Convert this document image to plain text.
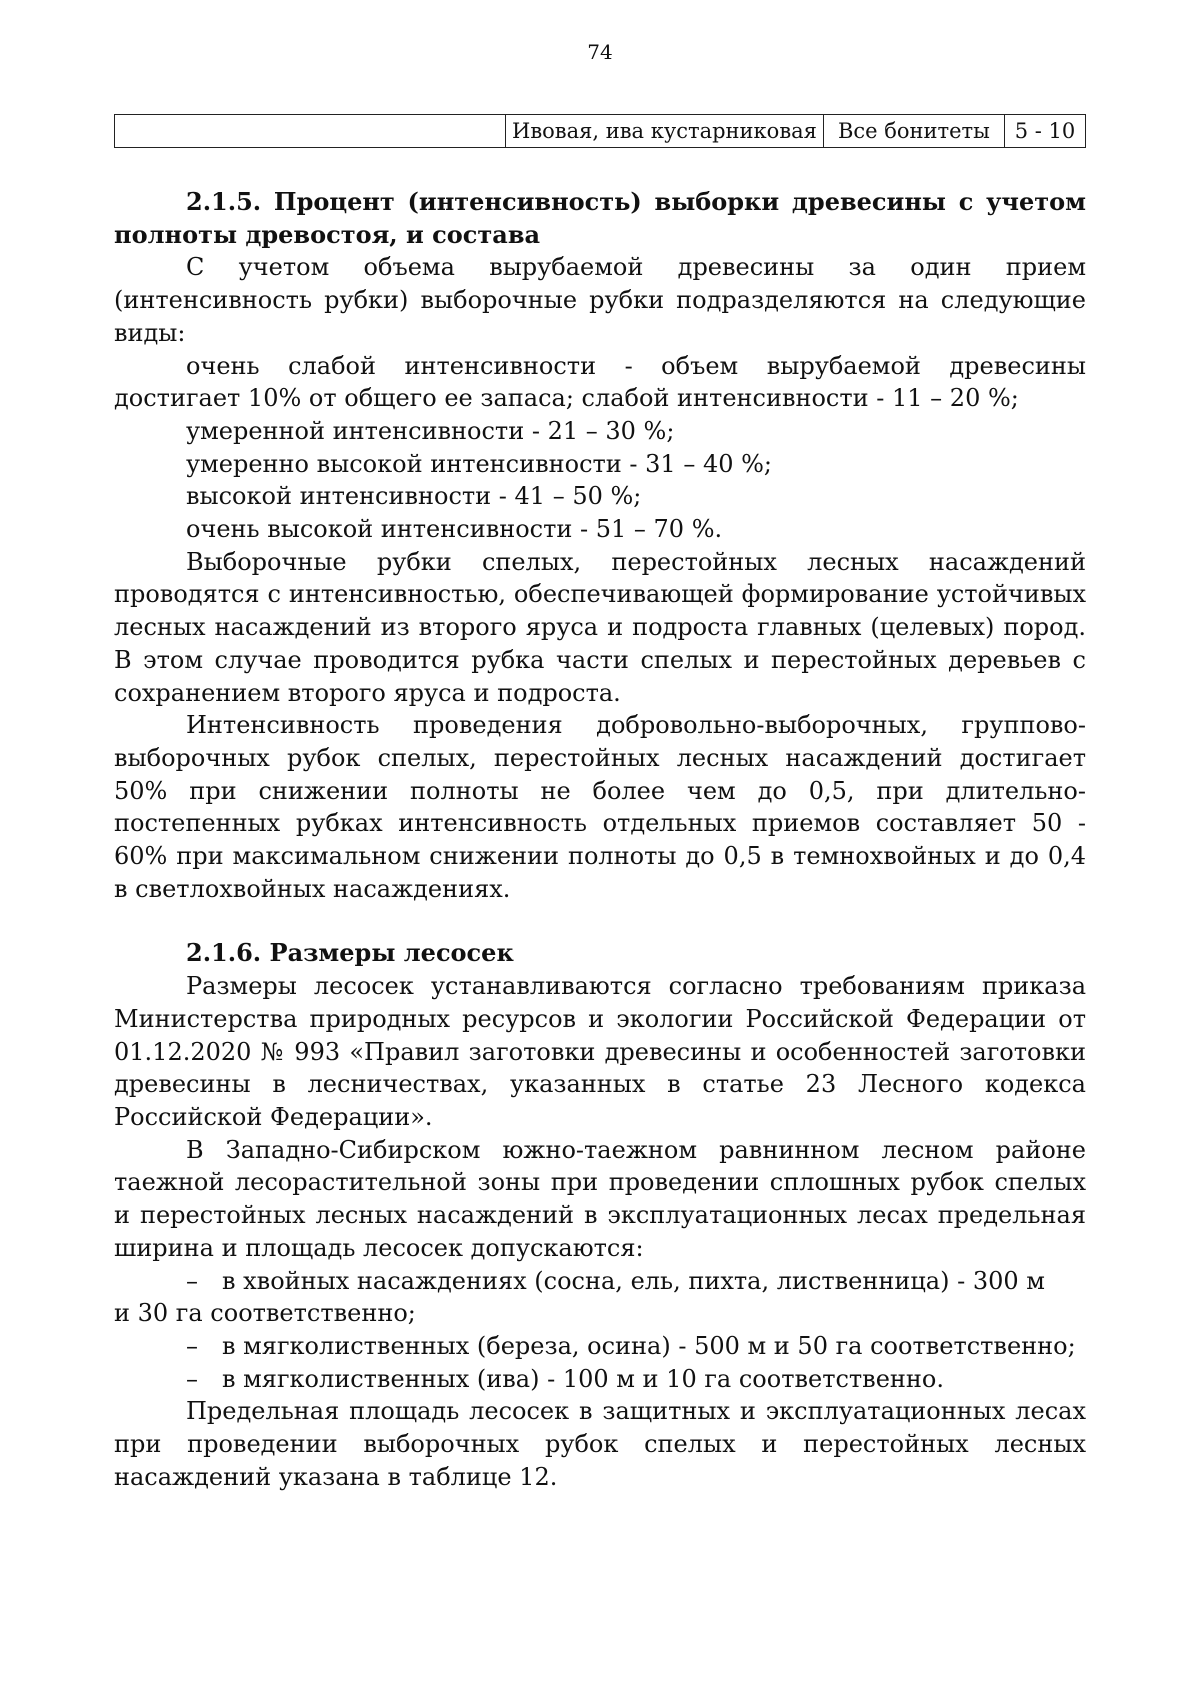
74
	Ивовая, ива кустарниковая	Все бонитеты	5 - 10

2.1.5. Процент (интенсивность) выборки древесины с учетом полноты древостоя, и состава

С учетом объема вырубаемой древесины за один прием (интенсивность рубки) выборочные рубки подразделяются на следующие виды:

очень слабой интенсивности - объем вырубаемой древесины достигает 10% от общего ее запаса; слабой интенсивности - 11 – 20 %;

умеренной интенсивности - 21 – 30 %;

умеренно высокой интенсивности - 31 – 40 %;

высокой интенсивности - 41 – 50 %;

очень высокой интенсивности - 51 – 70 %.

Выборочные рубки спелых, перестойных лесных насаждений проводятся с интенсивностью, обеспечивающей формирование устойчивых лесных насаждений из второго яруса и подроста главных (целевых) пород. В этом случае проводится рубка части спелых и перестойных деревьев с сохранением второго яруса и подроста.

Интенсивность проведения добровольно-выборочных, группово-выборочных рубок спелых, перестойных лесных насаждений достигает 50% при снижении полноты не более чем до 0,5, при длительно-постепенных рубках интенсивность отдельных приемов составляет 50 - 60% при максимальном снижении полноты до 0,5 в темнохвойных и до 0,4 в светлохвойных насаждениях.

2.1.6. Размеры лесосек

Размеры лесосек устанавливаются согласно требованиям приказа Министерства природных ресурсов и экологии Российской Федерации от 01.12.2020 № 993 «Правил заготовки древесины и особенностей заготовки древесины в лесничествах, указанных в статье 23 Лесного кодекса Российской Федерации».

В Западно-Сибирском южно-таежном равнинном лесном районе таежной лесорастительной зоны при проведении сплошных рубок спелых и перестойных лесных насаждений в эксплуатационных лесах предельная ширина и площадь лесосек допускаются:

–	в хвойных насаждениях (сосна, ель, пихта, лиственница) - 300 м
и 30 га соответственно;
–	в мягколиственных (береза, осина) - 500 м и 50 га соответственно;
–	в мягколиственных (ива) - 100 м и 10 га соответственно.

Предельная площадь лесосек в защитных и эксплуатационных лесах при проведении выборочных рубок спелых и перестойных лесных насаждений указана в таблице 12.
